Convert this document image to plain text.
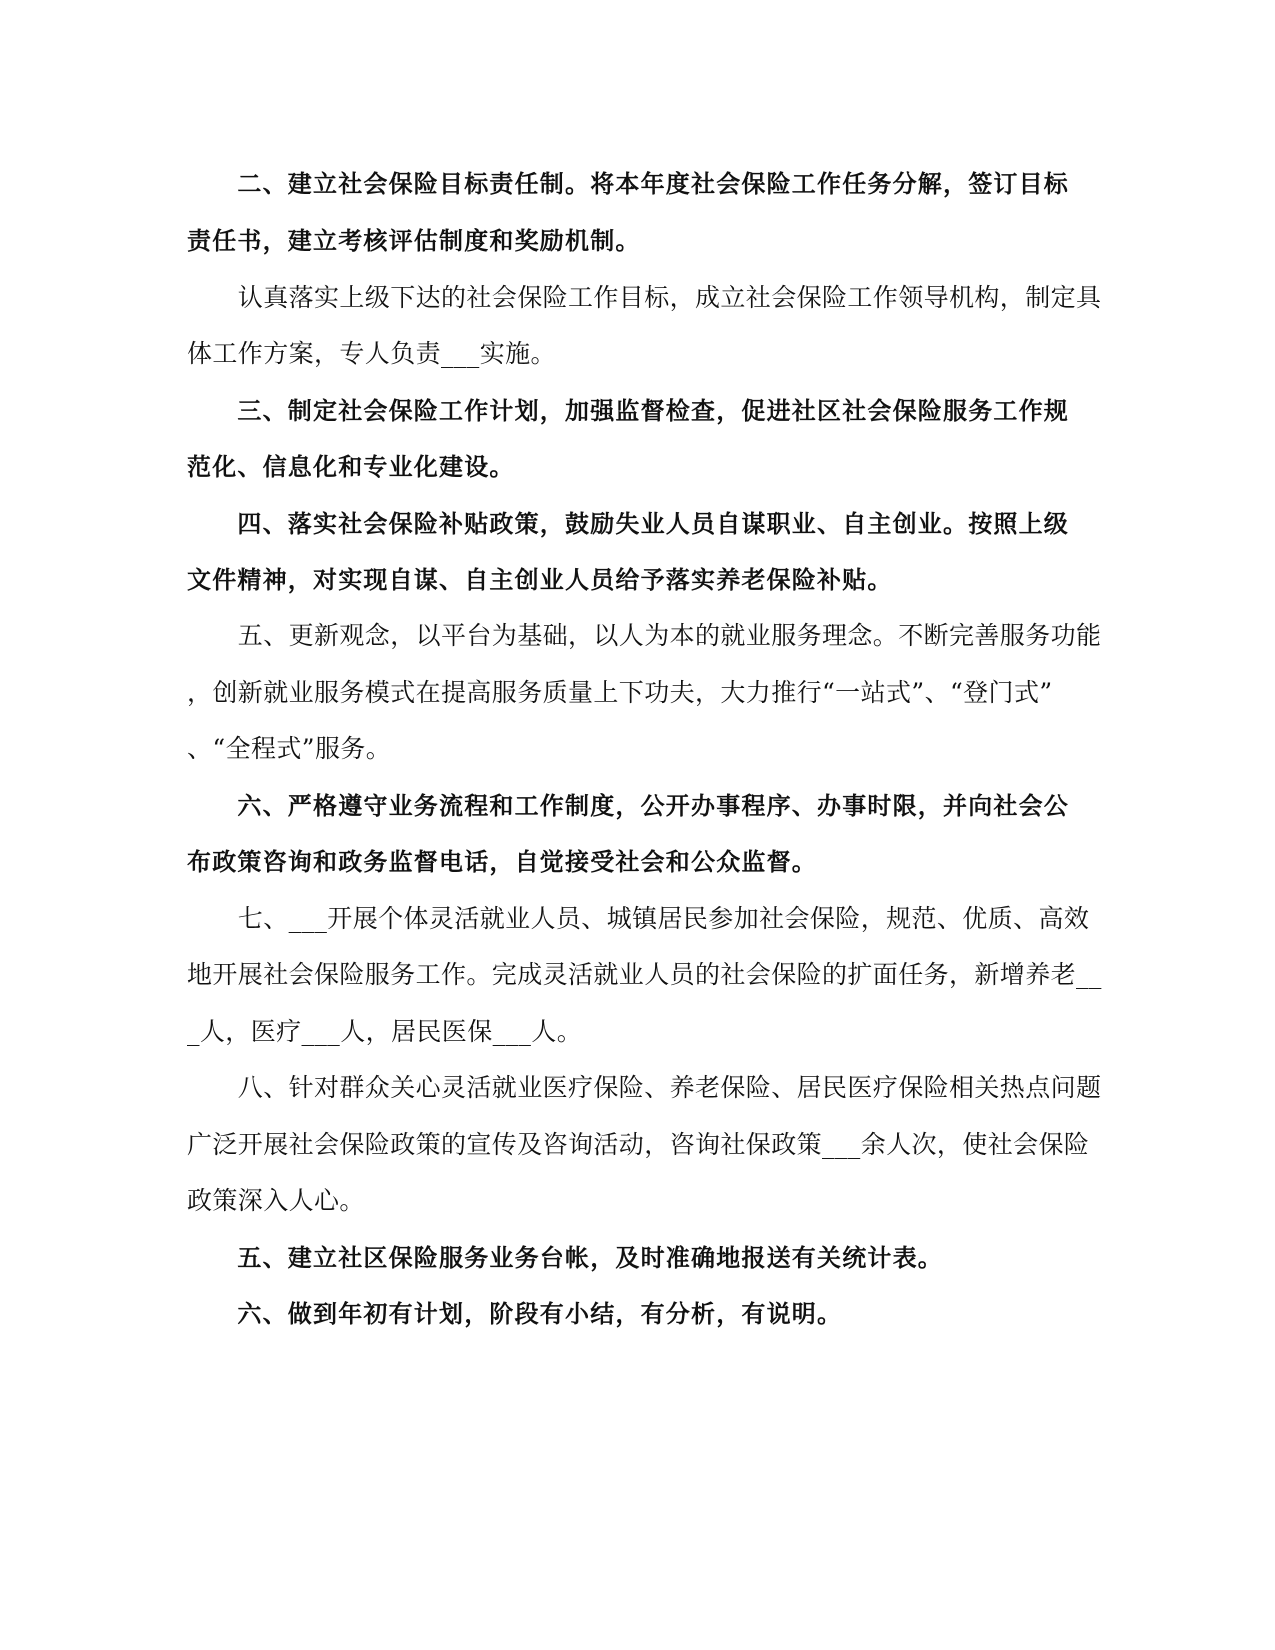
　　二、建立社会保险目标责任制。将本年度社会保险工作任务分解，签订目标
责任书，建立考核评估制度和奖励机制。
　　认真落实上级下达的社会保险工作目标，成立社会保险工作领导机构，制定具
体工作方案，专人负责___实施。
　　三、制定社会保险工作计划，加强监督检查，促进社区社会保险服务工作规
范化、信息化和专业化建设。
　　四、落实社会保险补贴政策，鼓励失业人员自谋职业、自主创业。按照上级
文件精神，对实现自谋、自主创业人员给予落实养老保险补贴。
　　五、更新观念，以平台为基础，以人为本的就业服务理念。不断完善服务功能
，创新就业服务模式在提高服务质量上下功夫，大力推行“一站式”、“登门式”
、“全程式”服务。
　　六、严格遵守业务流程和工作制度，公开办事程序、办事时限，并向社会公
布政策咨询和政务监督电话，自觉接受社会和公众监督。
　　七、___开展个体灵活就业人员、城镇居民参加社会保险，规范、优质、高效
地开展社会保险服务工作。完成灵活就业人员的社会保险的扩面任务，新增养老__
_人，医疗___人，居民医保___人。
　　八、针对群众关心灵活就业医疗保险、养老保险、居民医疗保险相关热点问题
广泛开展社会保险政策的宣传及咨询活动，咨询社保政策___余人次，使社会保险
政策深入人心。
　　五、建立社区保险服务业务台帐，及时准确地报送有关统计表。
　　六、做到年初有计划，阶段有小结，有分析，有说明。
